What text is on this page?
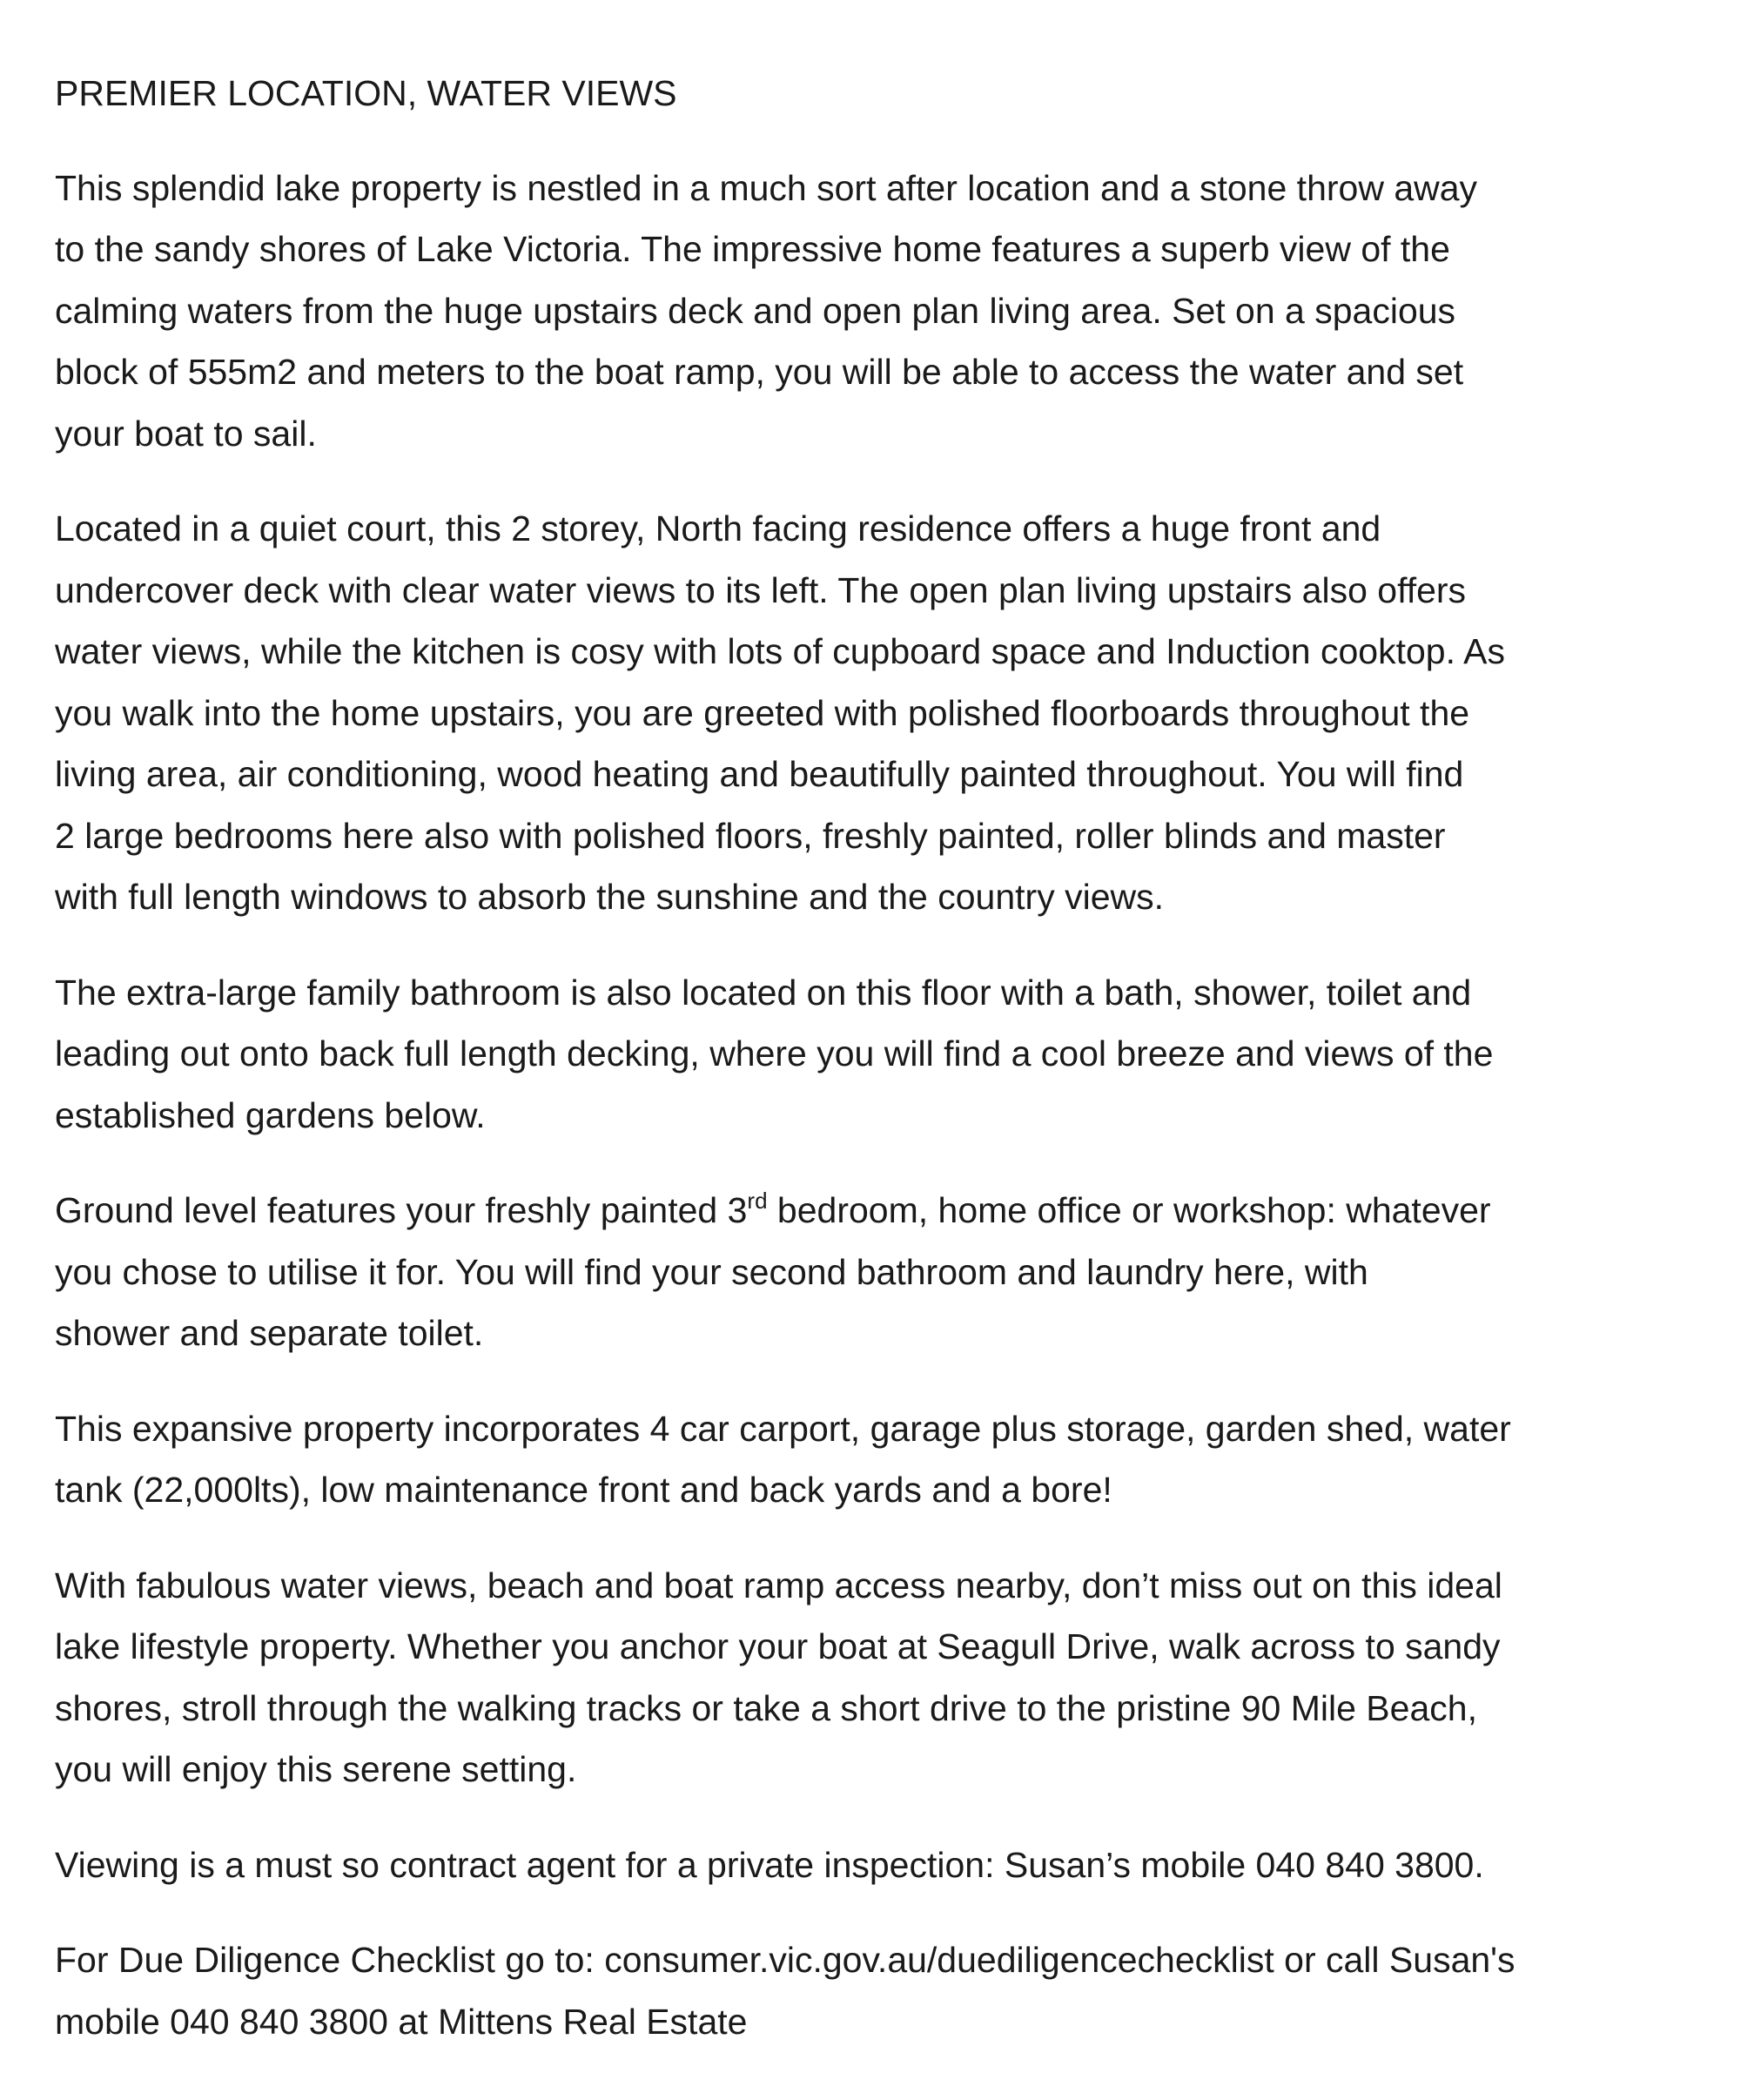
PREMIER LOCATION, WATER VIEWS

This splendid lake property is nestled in a much sort after location and a stone throw away
to the sandy shores of Lake Victoria. The impressive home features a superb view of the
calming waters from the huge upstairs deck and open plan living area. Set on a spacious
block of 555m2 and meters to the boat ramp, you will be able to access the water and set
your boat to sail.

Located in a quiet court, this 2 storey, North facing residence offers a huge front and
undercover deck with clear water views to its left. The open plan living upstairs also offers
water views, while the kitchen is cosy with lots of cupboard space and Induction cooktop. As
you walk into the home upstairs, you are greeted with polished floorboards throughout the
living area, air conditioning, wood heating and beautifully painted throughout. You will find
2 large bedrooms here also with polished floors, freshly painted, roller blinds and master
with full length windows to absorb the sunshine and the country views.

The extra-large family bathroom is also located on this floor with a bath, shower, toilet and
leading out onto back full length decking, where you will find a cool breeze and views of the
established gardens below.

Ground level features your freshly painted 3rd bedroom, home office or workshop: whatever
you chose to utilise it for. You will find your second bathroom and laundry here, with
shower and separate toilet.

This expansive property incorporates 4 car carport, garage plus storage, garden shed, water
tank (22,000lts), low maintenance front and back yards and a bore!

With fabulous water views, beach and boat ramp access nearby, don’t miss out on this ideal
lake lifestyle property. Whether you anchor your boat at Seagull Drive, walk across to sandy
shores, stroll through the walking tracks or take a short drive to the pristine 90 Mile Beach,
you will enjoy this serene setting.

Viewing is a must so contract agent for a private inspection: Susan’s mobile 040 840 3800.

For Due Diligence Checklist go to: consumer.vic.gov.au/duediligencechecklist or call Susan's
mobile 040 840 3800 at Mittens Real Estate
